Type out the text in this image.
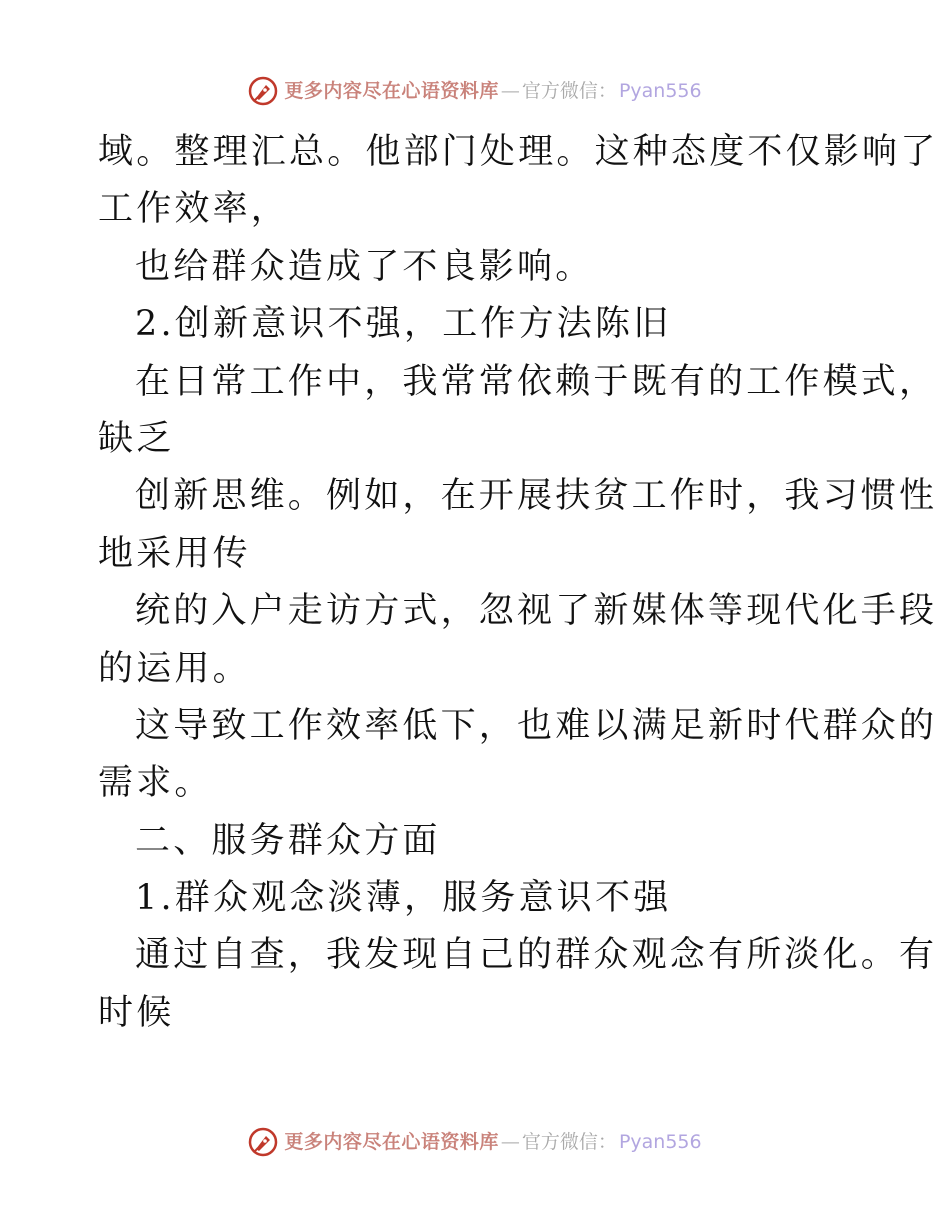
更多内容尽在心语资料库 — 官方微信： Pyan556
域。整理汇总。他部门处理。这种态度不仅影响了
工作效率，
也给群众造成了不良影响。
2.创新意识不强，工作方法陈旧
在日常工作中，我常常依赖于既有的工作模式，
缺乏
创新思维。例如，在开展扶贫工作时，我习惯性
地采用传
统的入户走访方式，忽视了新媒体等现代化手段
的运用。
这导致工作效率低下，也难以满足新时代群众的
需求。
二、服务群众方面
1.群众观念淡薄，服务意识不强
通过自查，我发现自己的群众观念有所淡化。有
时候
更多内容尽在心语资料库 — 官方微信： Pyan556
